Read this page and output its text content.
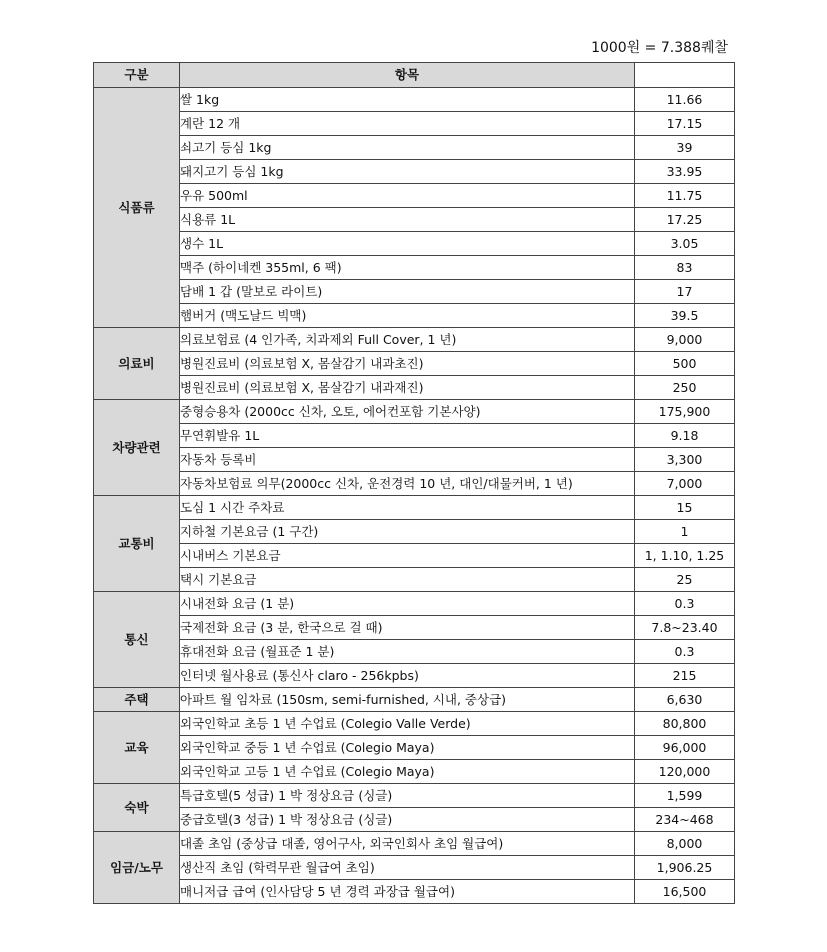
1000원 = 7.388퀘찰
구분	항목	
식품류	쌀 1kg	11.66
	계란 12 개	17.15
	쇠고기 등심 1kg	39
	돼지고기 등심 1kg	33.95
	우유 500ml	11.75
	식용류 1L	17.25
	생수 1L	3.05
	맥주 (하이네켄 355ml, 6 팩)	83
	담배 1 갑 (말보로 라이트)	17
	햄버거 (맥도날드 빅맥)	39.5
의료비	의료보험료 (4 인가족, 치과제외 Full Cover, 1 년)	9,000
	병원진료비 (의료보험 X, 몸살감기 내과초진)	500
	병원진료비 (의료보험 X, 몸살감기 내과재진)	250
차량관련	중형승용차 (2000cc 신차, 오토, 에어컨포함 기본사양)	175,900
	무연휘발유 1L	9.18
	자동차 등록비	3,300
	자동차보험료 의무(2000cc 신차, 운전경력 10 년, 대인/대물커버, 1 년)	7,000
교통비	도심 1 시간 주차료	15
	지하철 기본요금 (1 구간)	1
	시내버스 기본요금	1, 1.10, 1.25
	택시 기본요금	25
통신	시내전화 요금 (1 분)	0.3
	국제전화 요금 (3 분, 한국으로 걸 때)	7.8~23.40
	휴대전화 요금 (월표준 1 분)	0.3
	인터넷 월사용료 (통신사 claro - 256kpbs)	215
주택	아파트 월 임차료 (150sm, semi-furnished, 시내, 중상급)	6,630
교육	외국인학교 초등 1 년 수업료 (Colegio Valle Verde)	80,800
	외국인학교 중등 1 년 수업료 (Colegio Maya)	96,000
	외국인학교 고등 1 년 수업료 (Colegio Maya)	120,000
숙박	특급호텔(5 성급) 1 박 정상요금 (싱글)	1,599
	중급호텔(3 성급) 1 박 정상요금 (싱글)	234~468
임금/노무	대졸 초임 (중상급 대졸, 영어구사, 외국인회사 초임 월급여)	8,000
	생산직 초임 (학력무관 월급여 초임)	1,906.25
	매니저급 급여 (인사담당 5 년 경력 과장급 월급여)	16,500
